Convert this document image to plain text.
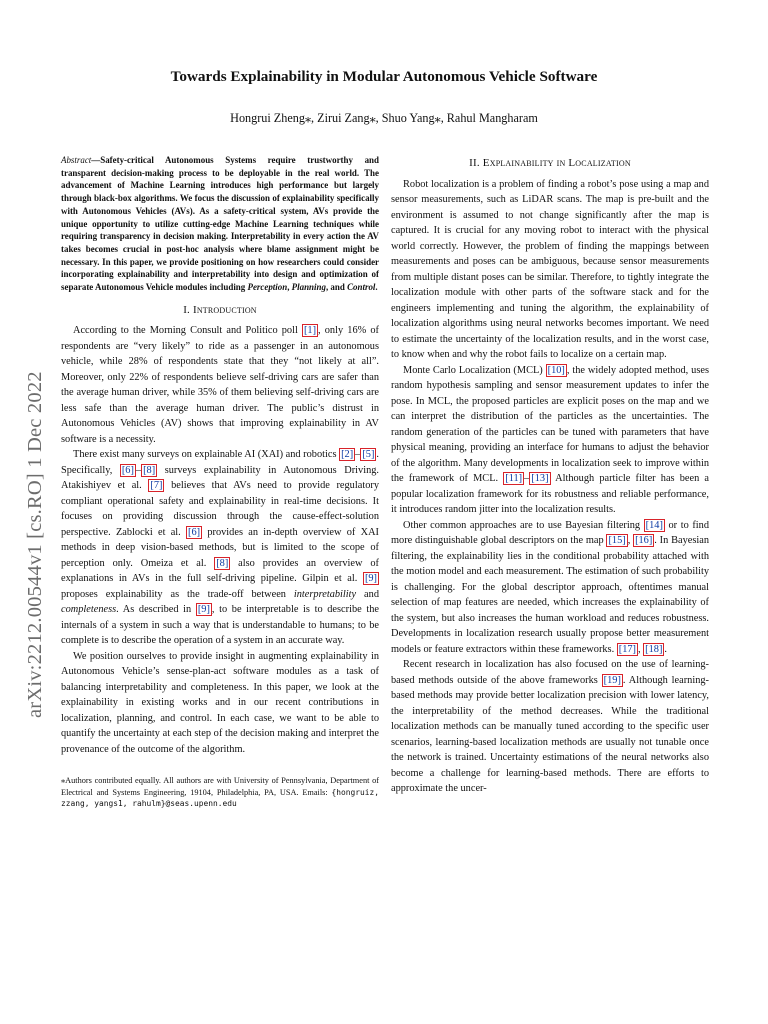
Towards Explainability in Modular Autonomous Vehicle Software
Hongrui Zheng⁎, Zirui Zang⁎, Shuo Yang⁎, Rahul Mangharam
arXiv:2212.00544v1 [cs.RO] 1 Dec 2022
Abstract—Safety-critical Autonomous Systems require trustworthy and transparent decision-making process to be deployable in the real world. The advancement of Machine Learning introduces high performance but largely through black-box algorithms. We focus the discussion of explainability specifically with Autonomous Vehicles (AVs). As a safety-critical system, AVs provide the unique opportunity to utilize cutting-edge Machine Learning techniques while requiring transparency in decision making. Interpretability in every action the AV takes becomes crucial in post-hoc analysis where blame assignment might be necessary. In this paper, we provide positioning on how researchers could consider incorporating explainability and interpretability into design and optimization of separate Autonomous Vehicle modules including Perception, Planning, and Control.
I. Introduction

According to the Morning Consult and Politico poll [1] , only 16% of respondents are “very likely” to ride as a passenger in an autonomous vehicle, while 28% of respondents state that they “not likely at all”. Moreover, only 22% of respondents believe self-driving cars are safer than the average human driver, while 35% of them believing self-driving cars are less safe than the average human driver. The public’s distrust in Autonomous Vehicles (AV) shows that improving explainability in AV software is a necessity.

There exist many surveys on explainable AI (XAI) and robotics [2] – [5] . Specifically, [6] – [8] surveys explainability in Autonomous Driving. Atakishiyev et al. [7] believes that AVs need to provide regulatory compliant operational safety and explainability in real-time decisions. It focuses on providing discussion through the cause-effect-solution perspective. Zablocki et al. [6] provides an in-depth overview of XAI methods in deep vision-based methods, but is limited to the scope of perception only. Omeiza et al. [8] also provides an overview of explanations in AVs in the full self-driving pipeline. Gilpin et al. [9] proposes explainability as the trade-off between interpretability and completeness. As described in [9] , to be interpretable is to describe the internals of a system in such a way that is understandable to humans; to be complete is to describe the operation of a system in an accurate way.

We position ourselves to provide insight in augmenting explainability in Autonomous Vehicle’s sense-plan-act software modules as a task of balancing interpretability and completeness. In this paper, we look at the explainability in existing works and in our recent contributions in localization, planning, and control. In each case, we want to be able to quantify the uncertainty at each step of the decision making and interpret the provenance of the outcome of the algorithm.

⁎Authors contributed equally. All authors are with University of Pennsylvania, Department of Electrical and Systems Engineering, 19104, Philadelphia, PA, USA. Emails: {hongruiz, zzang, yangs1, rahulm}@seas.upenn.edu
II. Explainability in Localization

Robot localization is a problem of finding a robot’s pose using a map and sensor measurements, such as LiDAR scans. The map is pre-built and the environment is assumed to not change significantly after the map is captured. It is crucial for any moving robot to interact with the physical world correctly. However, the problem of finding the mappings between measurements and poses can be ambiguous, because sensor measurements from multiple distant poses can be similar. Therefore, to tightly integrate the localization module with other parts of the software stack and for the engineers implementing and tuning the algorithm, the explainability of localization algorithms using neural networks becomes important. We need to estimate the uncertainty of the localization results, and in the worst case, to know when and why the robot fails to localize on a certain map.

Monte Carlo Localization (MCL) [10] , the widely adopted method, uses random hypothesis sampling and sensor measurement updates to infer the pose. In MCL, the proposed particles are explicit poses on the map and we can interpret the distribution of the particles as the uncertainties. The random generation of the particles can be tuned with parameters that have physical meaning, providing an interface for humans to adjust the behavior of the algorithm. Many developments in localization seek to improve within the framework of MCL. [11] – [13] Although particle filter has been a popular localization framework for its robustness and reliable performance, it introduces random jitter into the localization results.

Other common approaches are to use Bayesian filtering [14] or to find more distinguishable global descriptors on the map [15] , [16] . In Bayesian filtering, the explainability lies in the conditional probability attached with the motion model and each measurement. The estimation of such probability is challenging. For the global descriptor approach, oftentimes manual selection of map features are needed, which increases the explainability of the system, but also increases the human workload and reduces robustness. Developments in localization research usually propose better measurement models or feature extractors within these frameworks. [17] , [18] .

Recent research in localization has also focused on the use of learning-based methods outside of the above frameworks [19] . Although learning-based methods may provide better localization precision with lower latency, the interpretability of the method decreases. While the traditional localization methods can be manually tuned according to the specific user scenarios, learning-based localization methods are usually not tunable once the network is trained. Uncertainty estimations of the neural networks also become a challenge for learning-based methods. There are efforts to approximate the uncer-
